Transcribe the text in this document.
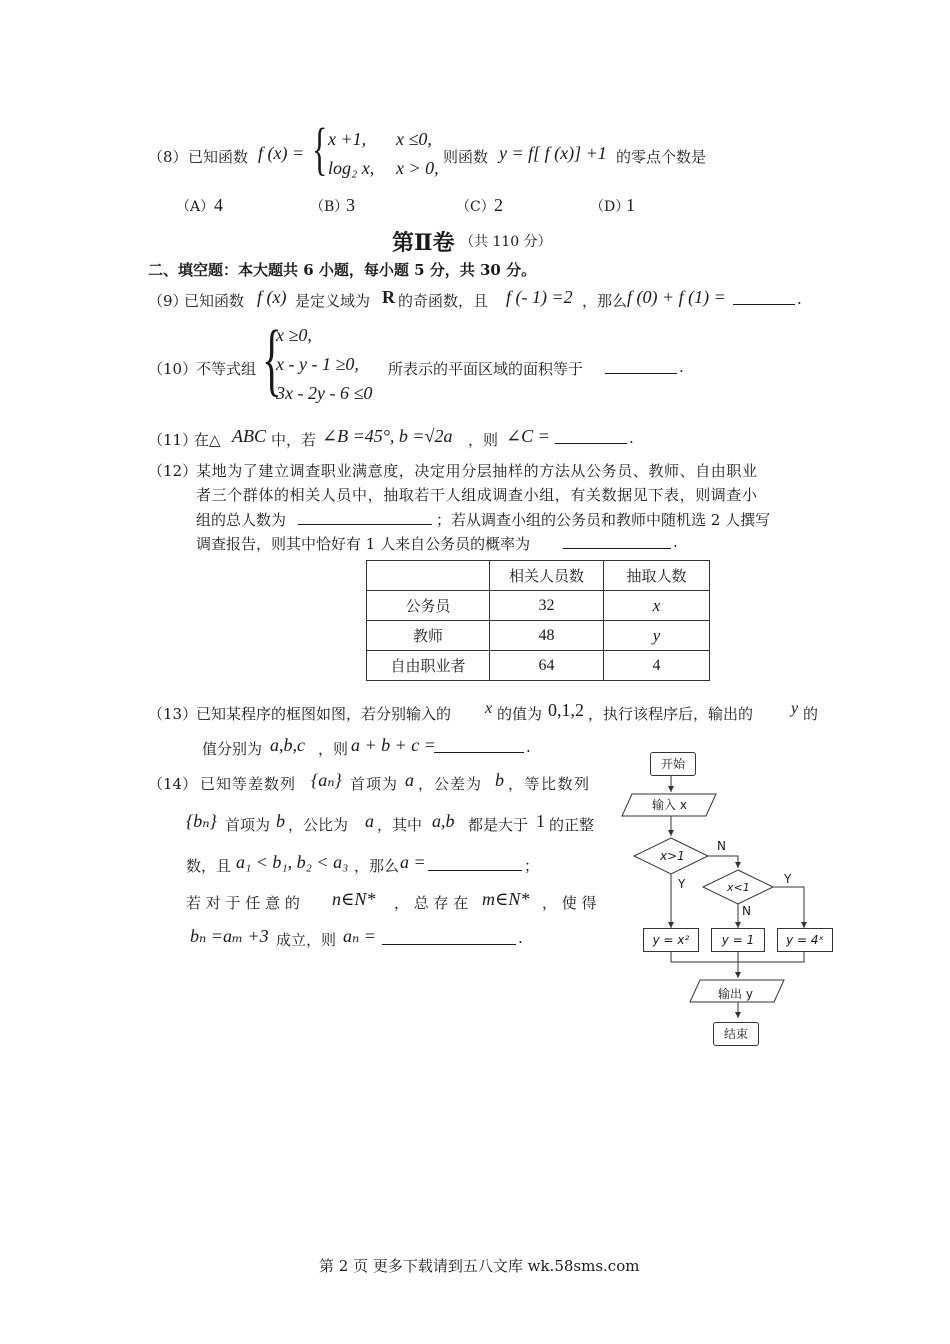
（8） 已知函数 f (x) = { x +1, x ≤0,
log₂ x, x > 0,
则函数 y = f[ f (x)] +1 的零点个数是
（A） 4	（B）
3	（C） 2	（D）
1
第Ⅱ卷 （共 110 分）
二、填空题：本大题共 6 小题，每小题 5 分，共 30 分。
（9）
已知函数 f (x) 是定义域为 R 的奇函数，且 f (- 1) =2 ，那么 f (0) + f (1) =	.
（10）
不等式组 {
x ≥0,
x - y - 1 ≥0,
3x - 2y - 6 ≤0
所表示的平面区域的面积等于	.
（11）
在△ ABC 中，若 ∠B =45°, b =√2a ，则 ∠C =	.
（12）
某地为了建立调查职业满意度，决定用分层抽样的方法从公务员、教师、自由职业
者三个群体的相关人员中，抽取若干人组成调查小组，有关数据见下表，则调查小
组的总人数为	；若从调查小组的公务员和教师中随机选 2 人撰写
调查报告，则其中恰好有 1 人来自公务员的概率为	.
	相关人员数	抽取人数
公务员	32	x
教师	48	y
自由职业者	64	4
（13）
已知某程序的框图如图，若分别输入的 x 的值为 0,1,2 ，执行该程序后，输出的 y 的
值分别为 a,b,c ，则 a + b + c =	.
（14） 已知等差数列 {aₙ} 首项为 a ，公差为 b ，等比数列
{bₙ} 首项为 b ，公比为 a ，其中 a,b 都是大于 1 的正整
数，且 a₁ < b₁, b₂ < a₃ ，那么 a =	；
若 对 于 任 意 的 n∈N* ， 总 存 在 m∈N* ， 使 得
bₙ =aₘ +3 成立，则 aₙ =	.
开始
输入 x
x>1
N
Y	x<1
Y
N
y = x²	y = 1	y = 4ˣ
输出 y
结束
第 2 页 更多下载请到五八文库 wk.58sms.com
